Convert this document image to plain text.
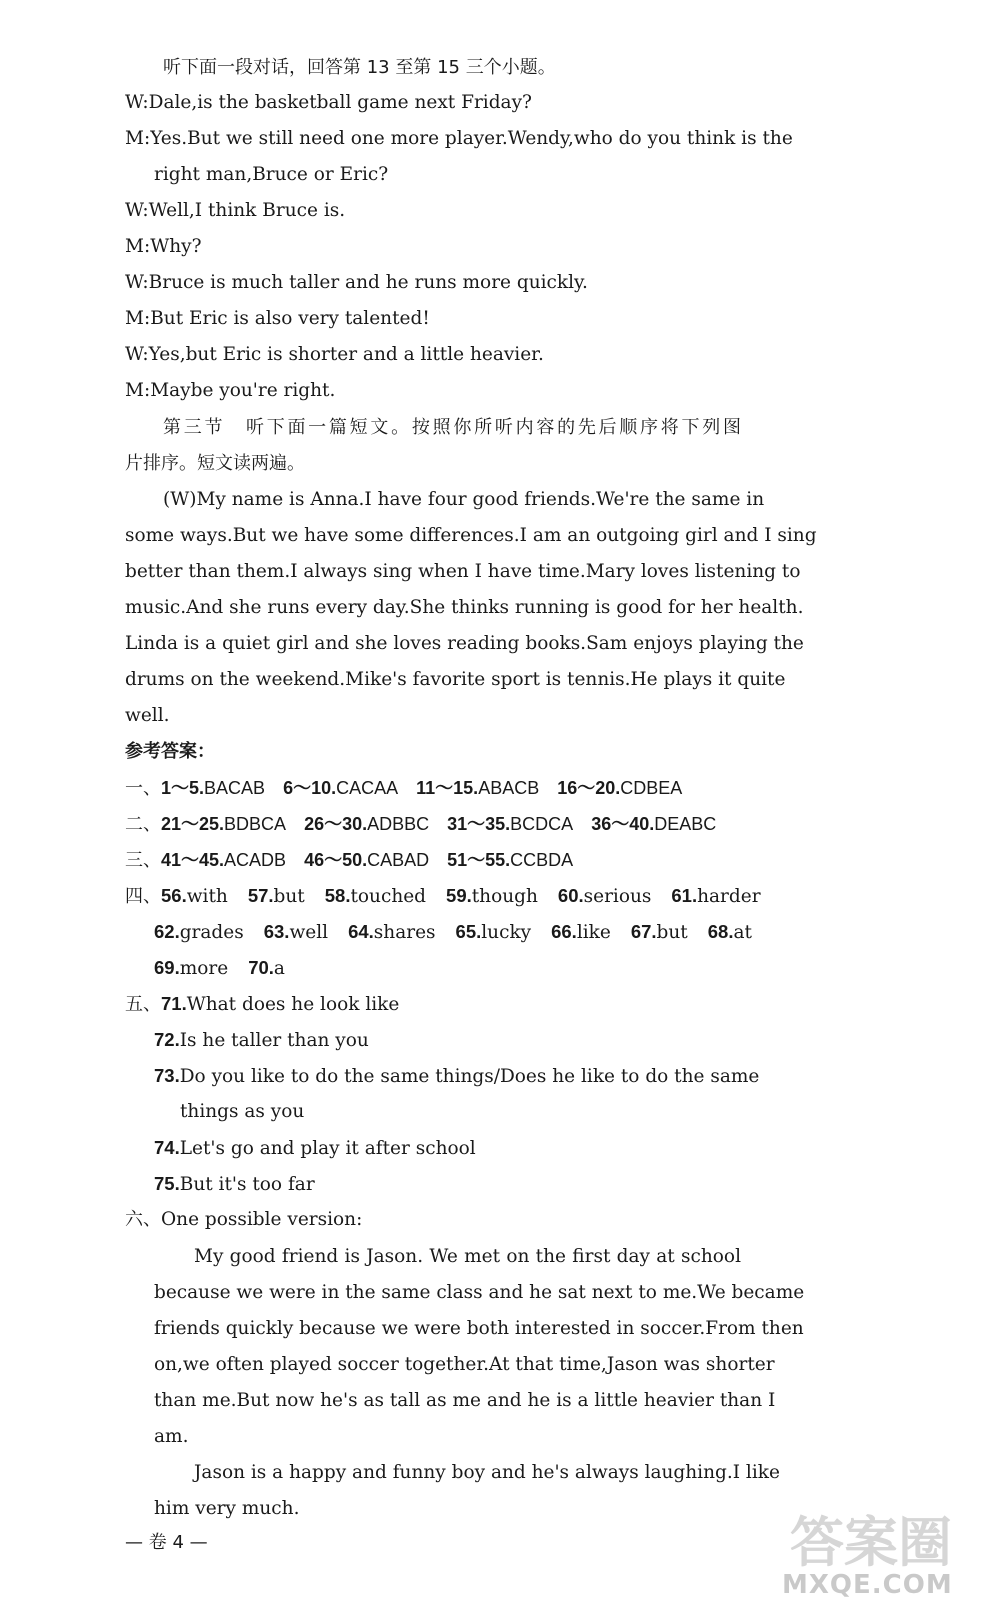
听下面一段对话，回答第 13 至第 15 三个小题。
W:Dale,is the basketball game next Friday?
M:Yes.But we still need one more player.Wendy,who do you think is the
right man,Bruce or Eric?
W:Well,I think Bruce is.
M:Why?
W:Bruce is much taller and he runs more quickly.
M:But Eric is also very talented!
W:Yes,but Eric is shorter and a little heavier.
M:Maybe you're right.
第三节　听下面一篇短文。按照你所听内容的先后顺序将下列图
片排序。短文读两遍。
(W)My name is Anna.I have four good friends.We're the same in
some ways.But we have some differences.I am an outgoing girl and I sing
better than them.I always sing when I have time.Mary loves listening to
music.And she runs every day.She thinks running is good for her health.
Linda is a quiet girl and she loves reading books.Sam enjoys playing the
drums on the weekend.Mike's favorite sport is tennis.He plays it quite
well.
参考答案：
一、1～5.BACAB 6～10.CACAA 11～15.ABACB 16～20.CDBEA
二、21～25.BDBCA 26～30.ADBBC 31～35.BCDCA 36～40.DEABC
三、41～45.ACADB 46～50.CABAD 51～55.CCBDA
四、56.with 57.but 58.touched 59.though 60.serious 61.harder
62.grades 63.well 64.shares 65.lucky 66.like 67.but 68.at
69.more 70.a
五、71.What does he look like
72.Is he taller than you
73.Do you like to do the same things/Does he like to do the same
things as you
74.Let's go and play it after school
75.But it's too far
六、One possible version:
My good friend is Jason. We met on the first day at school
because we were in the same class and he sat next to me.We became
friends quickly because we were both interested in soccer.From then
on,we often played soccer together.At that time,Jason was shorter
than me.But now he's as tall as me and he is a little heavier than I
am.
Jason is a happy and funny boy and he's always laughing.I like
him very much.
— 卷 4 —	答案圈
MXQE.COM
